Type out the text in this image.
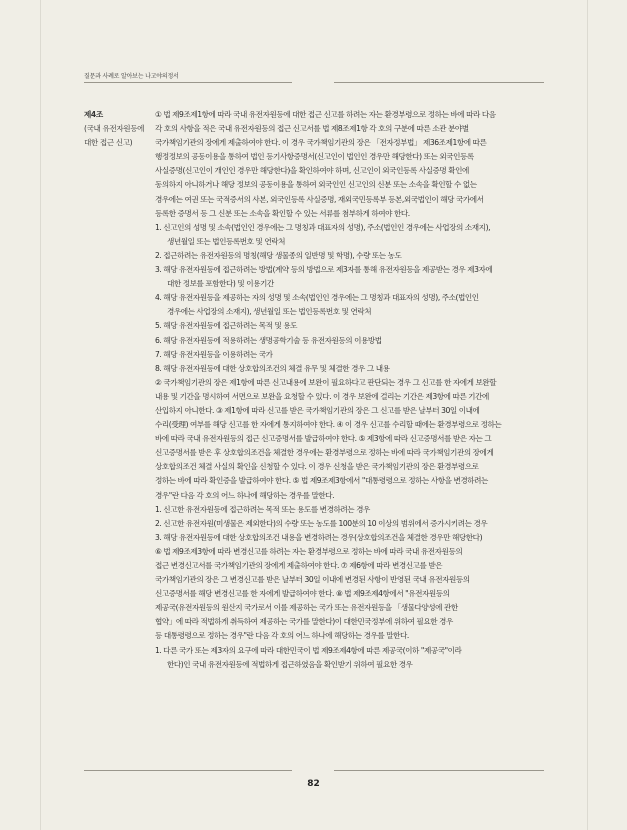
질문과 사례로 알아보는 나고야의정서
제4조
(국내 유전자원등에
대한 접근 신고)
① 법 제9조제1항에 따라 국내 유전자원등에 대한 접근 신고를 하려는 자는 환경부령으로 정하는 바에 따라 다음
각 호의 사항을 적은 국내 유전자원등의 접근 신고서를 법 제8조제1항 각 호의 구분에 따른 소관 분야별
국가책임기관의 장에게 제출하여야 한다. 이 경우 국가책임기관의 장은 「전자정부법」 제36조제1항에 따른
행정정보의 공동이용을 통하여 법인 등기사항증명서(신고인이 법인인 경우만 해당한다) 또는 외국인등록
사실증명(신고인이 개인인 경우만 해당한다)을 확인하여야 하며, 신고인이 외국인등록 사실증명 확인에
동의하지 아니하거나 해당 정보의 공동이용을 통하여 외국인인 신고인의 신분 또는 소속을 확인할 수 없는
경우에는 여권 또는 국적증서의 사본, 외국인등록 사실증명, 재외국민등록부 등본,외국법인이 해당 국가에서
등록한 증명서 등 그 신분 또는 소속을 확인할 수 있는 서류를 첨부하게 하여야 한다.
1. 신고인의 성명 및 소속(법인인 경우에는 그 명칭과 대표자의 성명), 주소(법인인 경우에는 사업장의 소재지),
생년월일 또는 법인등록번호 및 연락처
2. 접근하려는 유전자원등의 명칭(해당 생물종의 일반명 및 학명), 수량 또는 농도
3. 해당 유전자원등에 접근하려는 방법(계약 등의 방법으로 제3자를 통해 유전자원등을 제공받는 경우 제3자에
대한 정보를 포함한다) 및 이용기간
4. 해당 유전자원등을 제공하는 자의 성명 및 소속(법인인 경우에는 그 명칭과 대표자의 성명), 주소(법인인
경우에는 사업장의 소재지), 생년월일 또는 법인등록번호 및 연락처
5. 해당 유전자원등에 접근하려는 목적 및 용도
6. 해당 유전자원등에 적용하려는 생명공학기술 등 유전자원등의 이용방법
7. 해당 유전자원등을 이용하려는 국가
8. 해당 유전자원등에 대한 상호합의조건의 체결 유무 및 체결한 경우 그 내용
② 국가책임기관의 장은 제1항에 따른 신고내용에 보완이 필요하다고 판단되는 경우 그 신고를 한 자에게 보완할
내용 및 기간을 명시하여 서면으로 보완을 요청할 수 있다. 이 경우 보완에 걸리는 기간은 제3항에 따른 기간에
산입하지 아니한다. ③ 제1항에 따라 신고를 받은 국가책임기관의 장은 그 신고를 받은 날부터 30일 이내에
수리(受理) 여부를 해당 신고를 한 자에게 통지하여야 한다. ④ 이 경우 신고를 수리할 때에는 환경부령으로 정하는
바에 따라 국내 유전자원등의 접근 신고증명서를 발급하여야 한다. ⑤ 제3항에 따라 신고증명서를 받은 자는 그
신고증명서를 받은 후 상호합의조건을 체결한 경우에는 환경부령으로 정하는 바에 따라 국가책임기관의 장에게
상호합의조건 체결 사실의 확인을 신청할 수 있다. 이 경우 신청을 받은 국가책임기관의 장은 환경부령으로
정하는 바에 따라 확인증을 발급하여야 한다. ⑤ 법 제9조제3항에서 "대통령령으로 정하는 사항을 변경하려는
경우"란 다음 각 호의 어느 하나에 해당하는 경우를 말한다.
1. 신고한 유전자원등에 접근하려는 목적 또는 용도를 변경하려는 경우
2. 신고한 유전자원(미생물은 제외한다)의 수량 또는 농도를 100분의 10 이상의 범위에서 증가시키려는 경우
3. 해당 유전자원등에 대한 상호합의조건 내용을 변경하려는 경우(상호합의조건을 체결한 경우만 해당한다)
⑥ 법 제9조제3항에 따라 변경신고를 하려는 자는 환경부령으로 정하는 바에 따라 국내 유전자원등의
접근 변경신고서를 국가책임기관의 장에게 제출하여야 한다. ⑦ 제6항에 따라 변경신고를 받은
국가책임기관의 장은 그 변경신고를 받은 날부터 30일 이내에 변경된 사항이 반영된 국내 유전자원등의
신고증명서를 해당 변경신고를 한 자에게 발급하여야 한다. ⑧ 법 제9조제4항에서 "유전자원등의
제공국(유전자원등의 원산지 국가로서 이를 제공하는 국가 또는 유전자원등을 「생물다양성에 관한
협약」에 따라 적법하게 취득하여 제공하는 국가를 말한다)이 대한민국정부에 위하여 필요한 경우
등 대통령령으로 정하는 경우"란 다음 각 호의 어느 하나에 해당하는 경우를 말한다.
1. 다른 국가 또는 제3자의 요구에 따라 대한민국이 법 제9조제4항에 따른 제공국(이하 "제공국"이라
한다)인 국내 유전자원등에 적법하게 접근하였음을 확인받기 위하여 필요한 경우
82
